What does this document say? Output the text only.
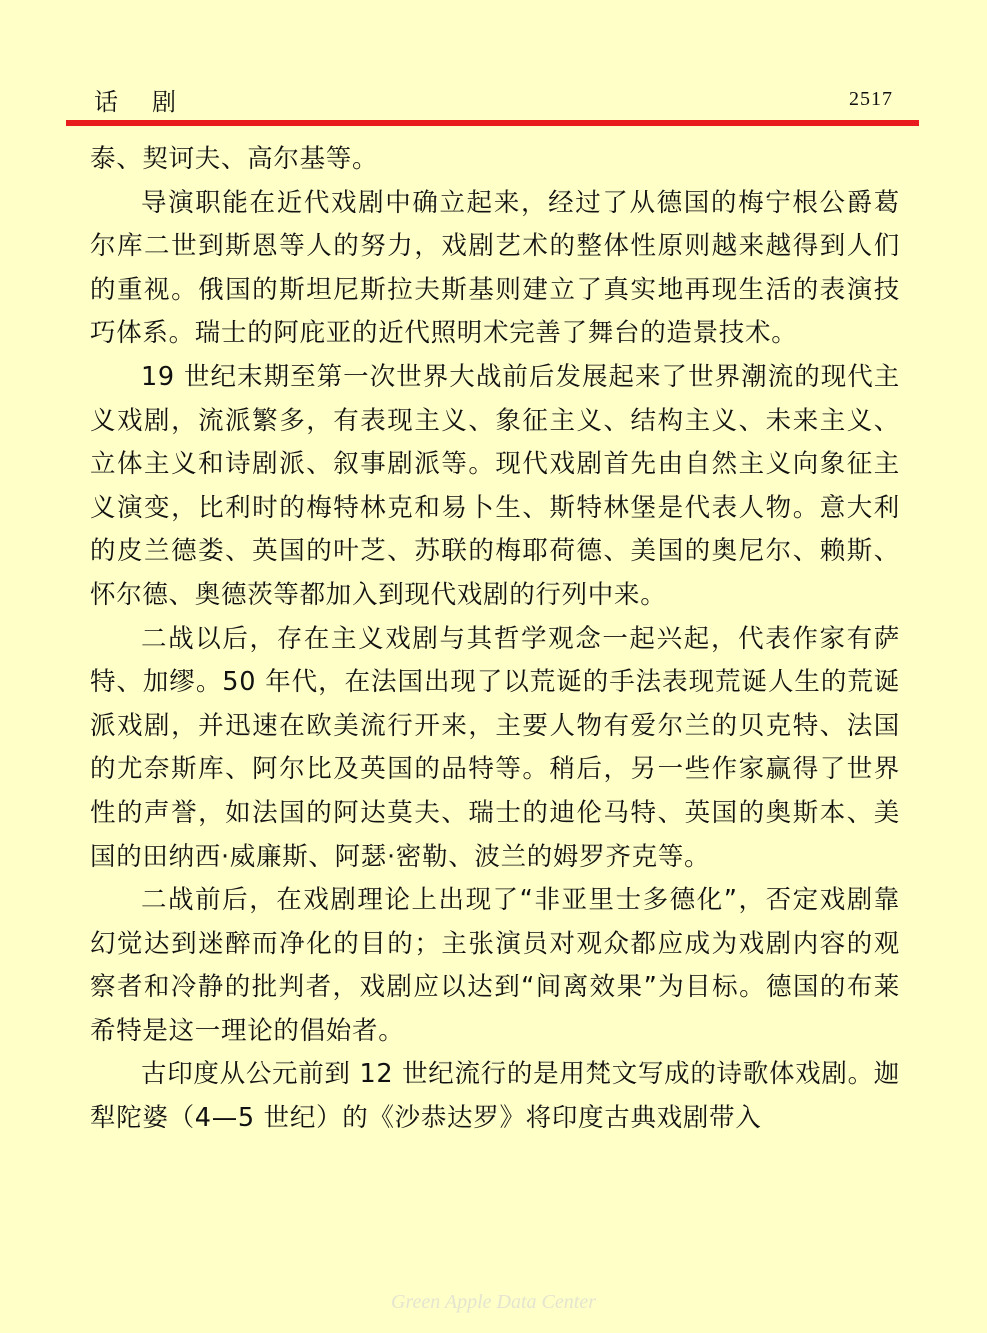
话剧	2517

泰、契诃夫、高尔基等。

导演职能在近代戏剧中确立起来，经过了从德国的梅宁根公爵葛尔库二世到斯恩等人的努力，戏剧艺术的整体性原则越来越得到人们的重视。俄国的斯坦尼斯拉夫斯基则建立了真实地再现生活的表演技巧体系。瑞士的阿庇亚的近代照明术完善了舞台的造景技术。

19 世纪末期至第一次世界大战前后发展起来了世界潮流的现代主义戏剧，流派繁多，有表现主义、象征主义、结构主义、未来主义、立体主义和诗剧派、叙事剧派等。现代戏剧首先由自然主义向象征主义演变，比利时的梅特林克和易卜生、斯特林堡是代表人物。意大利的皮兰德娄、英国的叶芝、苏联的梅耶荷德、美国的奥尼尔、赖斯、怀尔德、奥德茨等都加入到现代戏剧的行列中来。

二战以后，存在主义戏剧与其哲学观念一起兴起，代表作家有萨特、加缪。50 年代，在法国出现了以荒诞的手法表现荒诞人生的荒诞派戏剧，并迅速在欧美流行开来，主要人物有爱尔兰的贝克特、法国的尤奈斯库、阿尔比及英国的品特等。稍后，另一些作家赢得了世界性的声誉，如法国的阿达莫夫、瑞士的迪伦马特、英国的奥斯本、美国的田纳西·威廉斯、阿瑟·密勒、波兰的姆罗齐克等。

二战前后，在戏剧理论上出现了“非亚里士多德化”，否定戏剧靠幻觉达到迷醉而净化的目的；主张演员对观众都应成为戏剧内容的观察者和冷静的批判者，戏剧应以达到“间离效果”为目标。德国的布莱希特是这一理论的倡始者。

古印度从公元前到 12 世纪流行的是用梵文写成的诗歌体戏剧。迦犁陀婆（4—5 世纪）的《沙恭达罗》将印度古典戏剧带入

Green Apple Data Center
